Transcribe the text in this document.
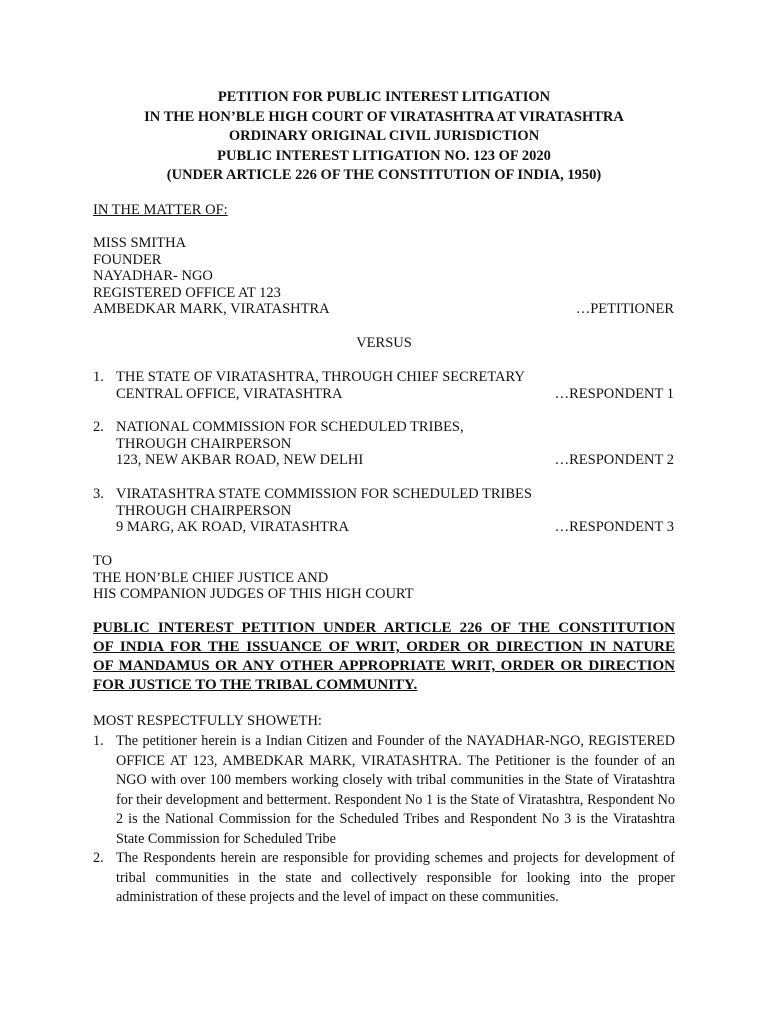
PETITION FOR PUBLIC INTEREST LITIGATION
IN THE HON’BLE HIGH COURT OF VIRATASHTRA AT VIRATASHTRA
ORDINARY ORIGINAL CIVIL JURISDICTION
PUBLIC INTEREST LITIGATION NO. 123 OF 2020
(UNDER ARTICLE 226 OF THE CONSTITUTION OF INDIA, 1950)
IN THE MATTER OF:
MISS SMITHA
FOUNDER
NAYADHAR- NGO
REGISTERED OFFICE AT 123
AMBEDKAR MARK, VIRATASHTRA	…PETITIONER
VERSUS
1. THE STATE OF VIRATASHTRA, THROUGH CHIEF SECRETARY
CENTRAL OFFICE, VIRATASHTRA	…RESPONDENT 1
2. NATIONAL COMMISSION FOR SCHEDULED TRIBES,
THROUGH CHAIRPERSON
123, NEW AKBAR ROAD, NEW DELHI	…RESPONDENT 2
3. VIRATASHTRA STATE COMMISSION FOR SCHEDULED TRIBES
THROUGH CHAIRPERSON
9 MARG, AK ROAD, VIRATASHTRA	…RESPONDENT 3
TO
THE HON’BLE CHIEF JUSTICE AND
HIS COMPANION JUDGES OF THIS HIGH COURT
PUBLIC INTEREST PETITION UNDER ARTICLE 226 OF THE CONSTITUTION
OF INDIA FOR THE ISSUANCE OF WRIT, ORDER OR DIRECTION IN NATURE
OF MANDAMUS OR ANY OTHER APPROPRIATE WRIT, ORDER OR DIRECTION
FOR JUSTICE TO THE TRIBAL COMMUNITY.
MOST RESPECTFULLY SHOWETH:
1. The petitioner herein is a Indian Citizen and Founder of the NAYADHAR-NGO, REGISTERED OFFICE AT 123, AMBEDKAR MARK, VIRATASHTRA. The Petitioner is the founder of an NGO with over 100 members working closely with tribal communities in the State of Viratashtra for their development and betterment. Respondent No 1 is the State of Viratashtra, Respondent No 2 is the National Commission for the Scheduled Tribes and Respondent No 3 is the Viratashtra State Commission for Scheduled Tribe
2. The Respondents herein are responsible for providing schemes and projects for development of tribal communities in the state and collectively responsible for looking into the proper administration of these projects and the level of impact on these communities.
